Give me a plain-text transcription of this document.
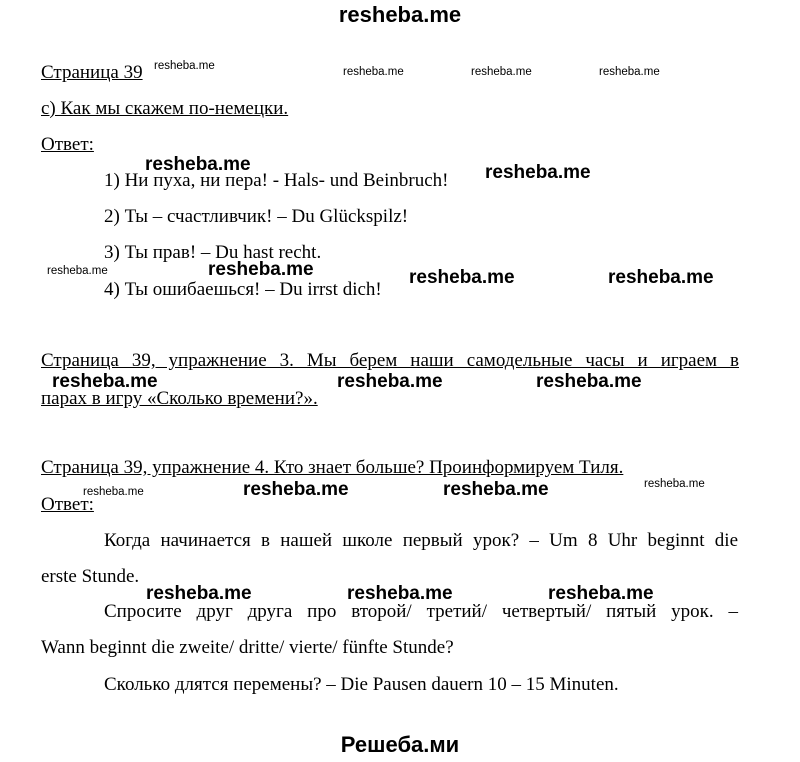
resheba.me
Решеба.ми
Страница 39 resheba.me
с) Как мы скажем по-немецки.
Ответ:
1) Ни пуха, ни пера! - Hals- und Beinbruch!
2) Ты – счастливчик! – Du Glückspilz!
3) Ты прав! – Du hast recht.
4) Ты ошибаешься! – Du irrst dich!
Страница 39, упражнение 3. Мы берем наши самодельные часы и играем в
парах в игру «Сколько времени?».
Страница 39, упражнение 4. Кто знает больше? Проинформируем Тиля.
Ответ:
Когда начинается в нашей школе первый урок? – Um 8 Uhr beginnt die
erste Stunde.
Спросите друг друга про второй/ третий/ четвертый/ пятый урок. –
Wann beginnt die zweite/ dritte/ vierte/ fünfte Stunde?
Сколько длятся перемены? – Die Pausen dauern 10 – 15 Minuten.
resheba.me	resheba.me	resheba.me
resheba.me
resheba.me
resheba.me
resheba.me	resheba.me
resheba.me	resheba.me	resheba.me
resheba.me	resheba.me	resheba.me
resheba.me	resheba.me
resheba.me	resheba.me	resheba.me
